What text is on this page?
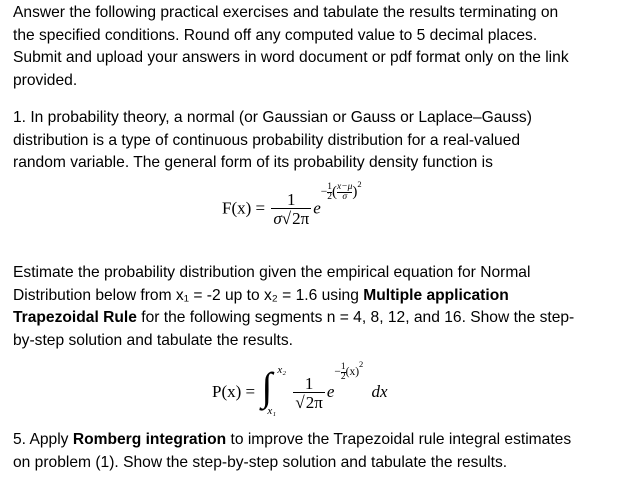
Answer the following practical exercises and tabulate the results terminating on
the specified conditions. Round off any computed value to 5 decimal places.
Submit and upload your answers in word document or pdf format only on the link
provided.

1. In probability theory, a normal (or Gaussian or Gauss or Laplace–Gauss)
distribution is a type of continuous probability distribution for a real-valued
random variable. The general form of its probability density function is

$F(x) = \frac{1}{\sigma√2\pi} e- \frac{1}{2}$ ( $\frac{x-\mu}{\sigma} )^2$

Estimate the probability distribution given the empirical equation for Normal
Distribution below from x₁ = -2 up to x₂ = 1.6 using Multiple application
Trapezoidal Rule for the following segments n = 4, 8, 12, and 16. Show the step-
by-step solution and tabulate the results.

P(x) = ∫ x₂
$x_1 \frac{1}{√2\pi} e- \frac{1}{2} (x)^2$ dx

5. Apply Romberg integration to improve the Trapezoidal rule integral estimates
on problem (1). Show the step-by-step solution and tabulate the results.
